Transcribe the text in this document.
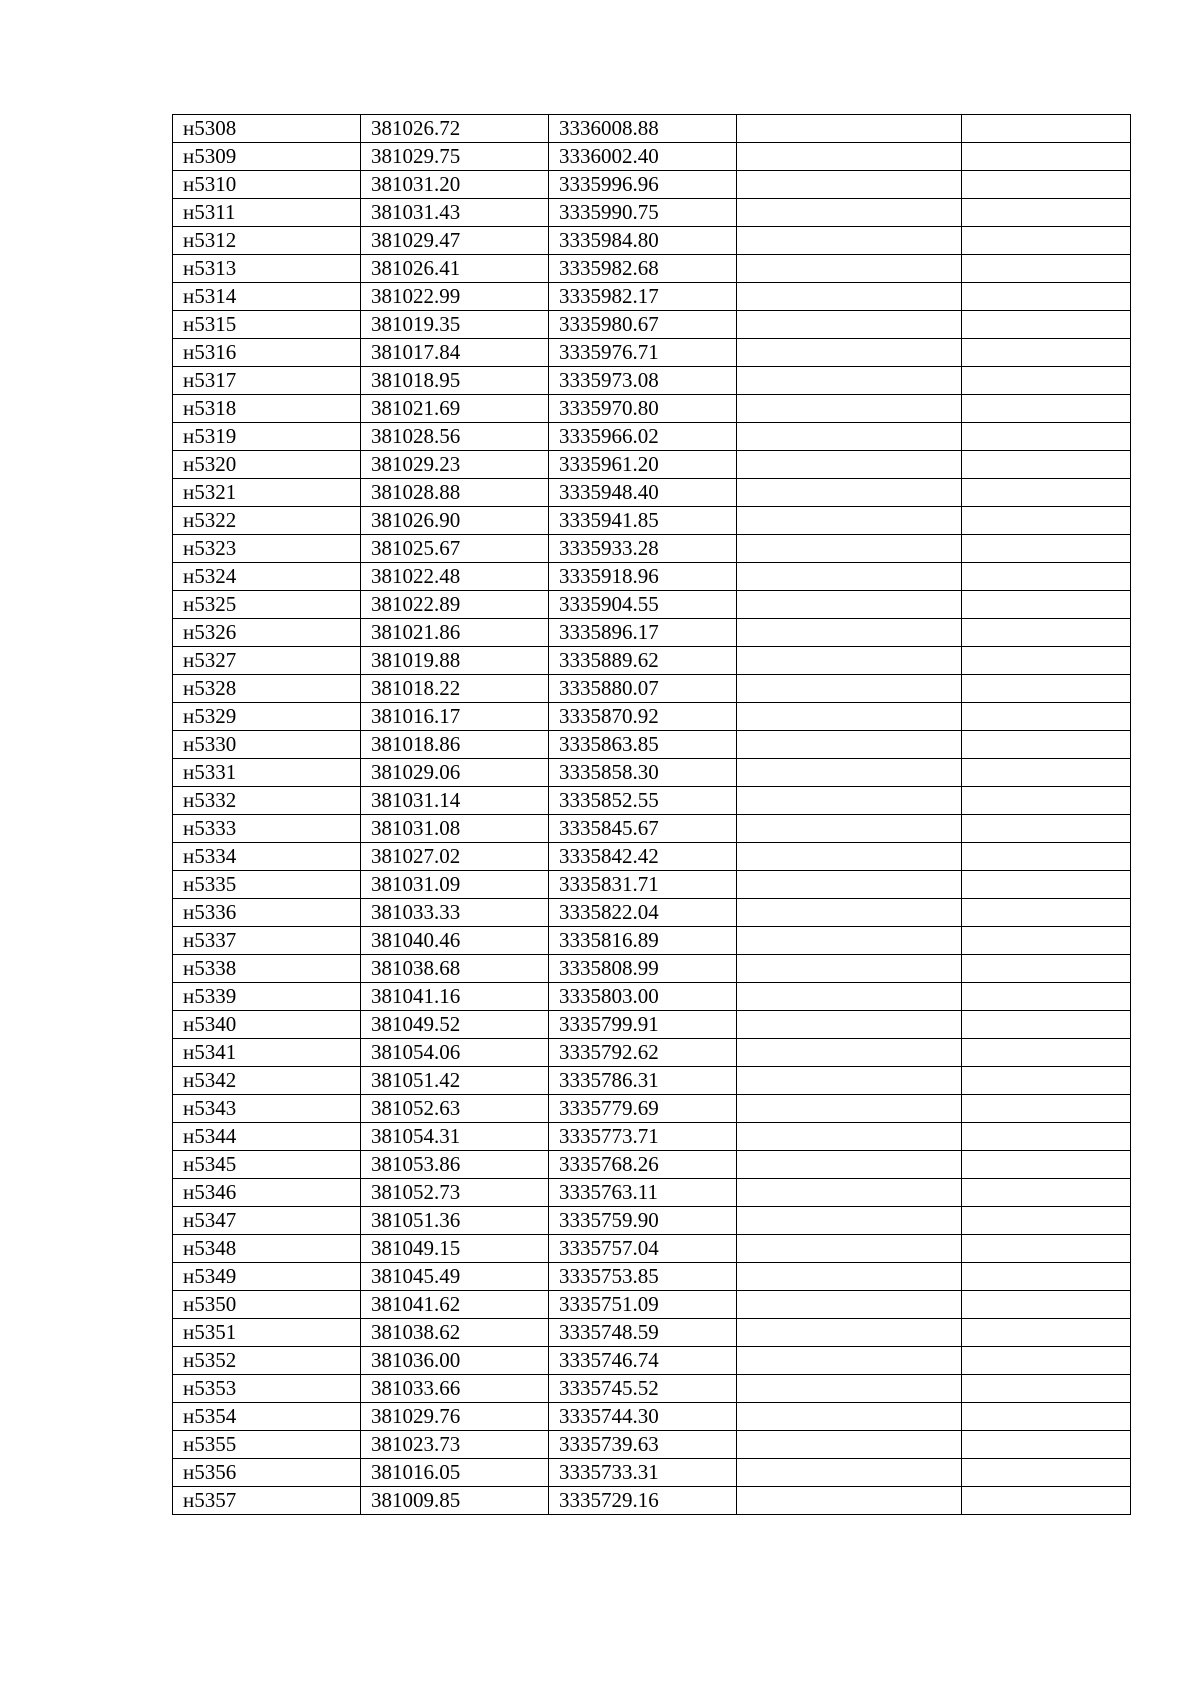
н5308	381026.72	3336008.88		
н5309	381029.75	3336002.40		
н5310	381031.20	3335996.96		
н5311	381031.43	3335990.75		
н5312	381029.47	3335984.80		
н5313	381026.41	3335982.68		
н5314	381022.99	3335982.17		
н5315	381019.35	3335980.67		
н5316	381017.84	3335976.71		
н5317	381018.95	3335973.08		
н5318	381021.69	3335970.80		
н5319	381028.56	3335966.02		
н5320	381029.23	3335961.20		
н5321	381028.88	3335948.40		
н5322	381026.90	3335941.85		
н5323	381025.67	3335933.28		
н5324	381022.48	3335918.96		
н5325	381022.89	3335904.55		
н5326	381021.86	3335896.17		
н5327	381019.88	3335889.62		
н5328	381018.22	3335880.07		
н5329	381016.17	3335870.92		
н5330	381018.86	3335863.85		
н5331	381029.06	3335858.30		
н5332	381031.14	3335852.55		
н5333	381031.08	3335845.67		
н5334	381027.02	3335842.42		
н5335	381031.09	3335831.71		
н5336	381033.33	3335822.04		
н5337	381040.46	3335816.89		
н5338	381038.68	3335808.99		
н5339	381041.16	3335803.00		
н5340	381049.52	3335799.91		
н5341	381054.06	3335792.62		
н5342	381051.42	3335786.31		
н5343	381052.63	3335779.69		
н5344	381054.31	3335773.71		
н5345	381053.86	3335768.26		
н5346	381052.73	3335763.11		
н5347	381051.36	3335759.90		
н5348	381049.15	3335757.04		
н5349	381045.49	3335753.85		
н5350	381041.62	3335751.09		
н5351	381038.62	3335748.59		
н5352	381036.00	3335746.74		
н5353	381033.66	3335745.52		
н5354	381029.76	3335744.30		
н5355	381023.73	3335739.63		
н5356	381016.05	3335733.31		
н5357	381009.85	3335729.16		
